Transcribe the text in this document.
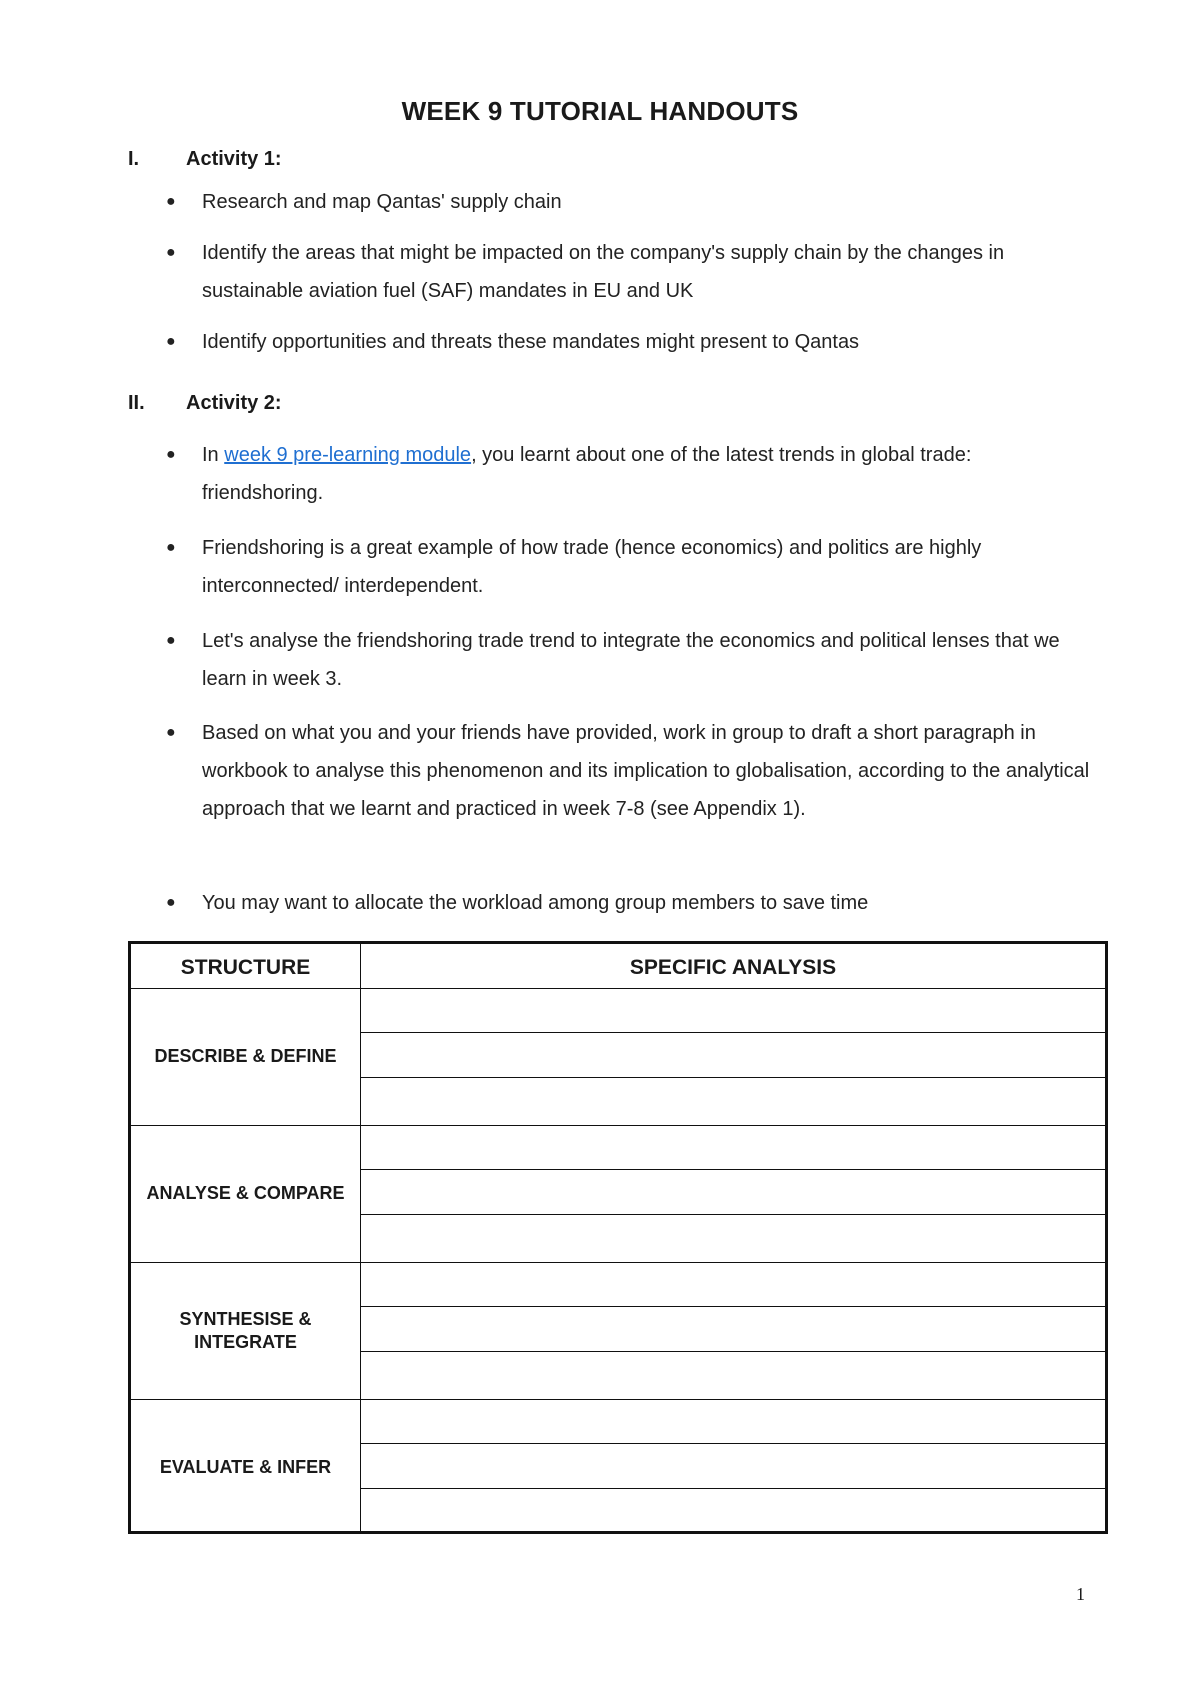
WEEK 9 TUTORIAL HANDOUTS
I. Activity 1:
● Research and map Qantas' supply chain
● Identify the areas that might be impacted on the company's supply chain by the changes in sustainable aviation fuel (SAF) mandates in EU and UK
● Identify opportunities and threats these mandates might present to Qantas
II. Activity 2:
● In week 9 pre-learning module, you learnt about one of the latest trends in global trade: friendshoring.
● Friendshoring is a great example of how trade (hence economics) and politics are highly interconnected/ interdependent.
● Let's analyse the friendshoring trade trend to integrate the economics and political lenses that we learn in week 3.
● Based on what you and your friends have provided, work in group to draft a short paragraph in workbook to analyse this phenomenon and its implication to globalisation, according to the analytical approach that we learnt and practiced in week 7-8 (see Appendix 1).
● You may want to allocate the workload among group members to save time
STRUCTURE	SPECIFIC ANALYSIS
DESCRIBE & DEFINE
ANALYSE & COMPARE
SYNTHESISE & INTEGRATE
EVALUATE & INFER
1
